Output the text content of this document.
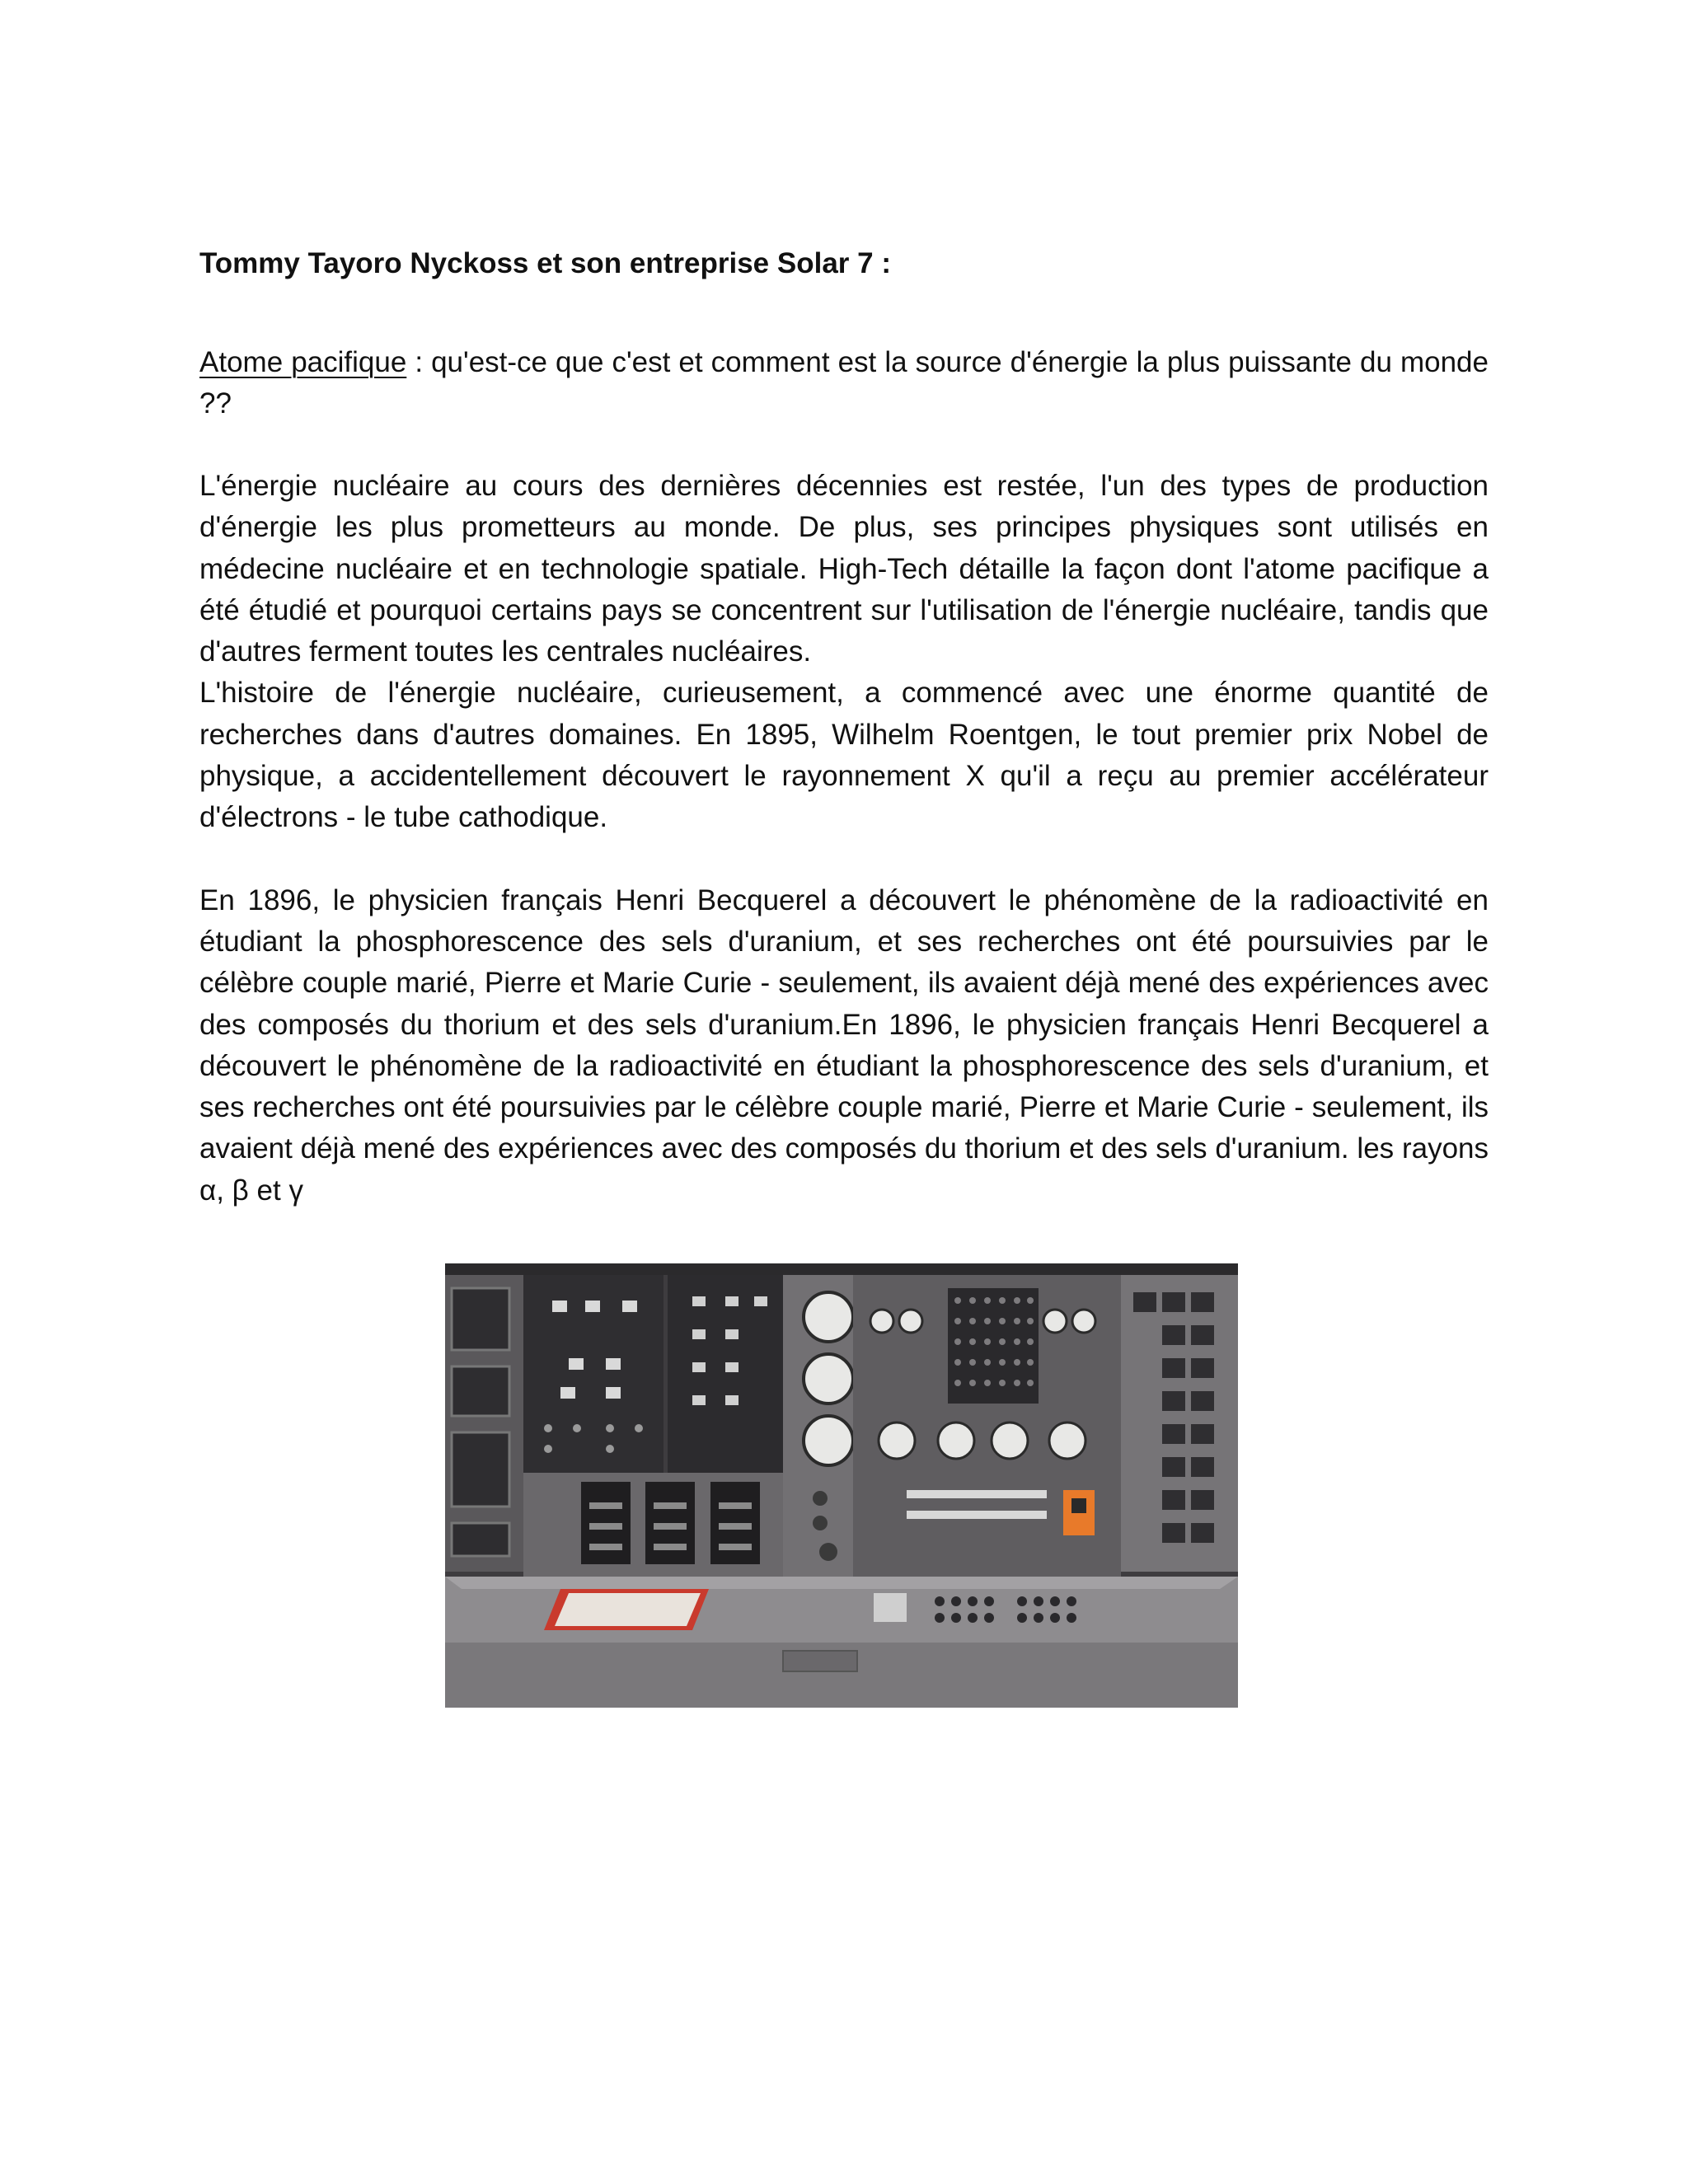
Tommy Tayoro Nyckoss et son entreprise Solar 7 :

Atome pacifique : qu'est-ce que c'est et comment est la source d'énergie la plus puissante du monde ??

L'énergie nucléaire au cours des dernières décennies est restée, l'un des types de production d'énergie les plus prometteurs au monde. De plus, ses principes physiques sont utilisés en médecine nucléaire et en technologie spatiale. High-Tech détaille la façon dont l'atome pacifique a été étudié et pourquoi certains pays se concentrent sur l'utilisation de l'énergie nucléaire, tandis que d'autres ferment toutes les centrales nucléaires.

L'histoire de l'énergie nucléaire, curieusement, a commencé avec une énorme quantité de recherches dans d'autres domaines. En 1895, Wilhelm Roentgen, le tout premier prix Nobel de physique, a accidentellement découvert le rayonnement X qu'il a reçu au premier accélérateur d'électrons - le tube cathodique.

En 1896, le physicien français Henri Becquerel a découvert le phénomène de la radioactivité en étudiant la phosphorescence des sels d'uranium, et ses recherches ont été poursuivies par le célèbre couple marié, Pierre et Marie Curie - seulement, ils avaient déjà mené des expériences avec des composés du thorium et des sels d'uranium.En 1896, le physicien français Henri Becquerel a découvert le phénomène de la radioactivité en étudiant la phosphorescence des sels d'uranium, et ses recherches ont été poursuivies par le célèbre couple marié, Pierre et Marie Curie - seulement, ils avaient déjà mené des expériences avec des composés du thorium et des sels d'uranium. les rayons α, β et γ
